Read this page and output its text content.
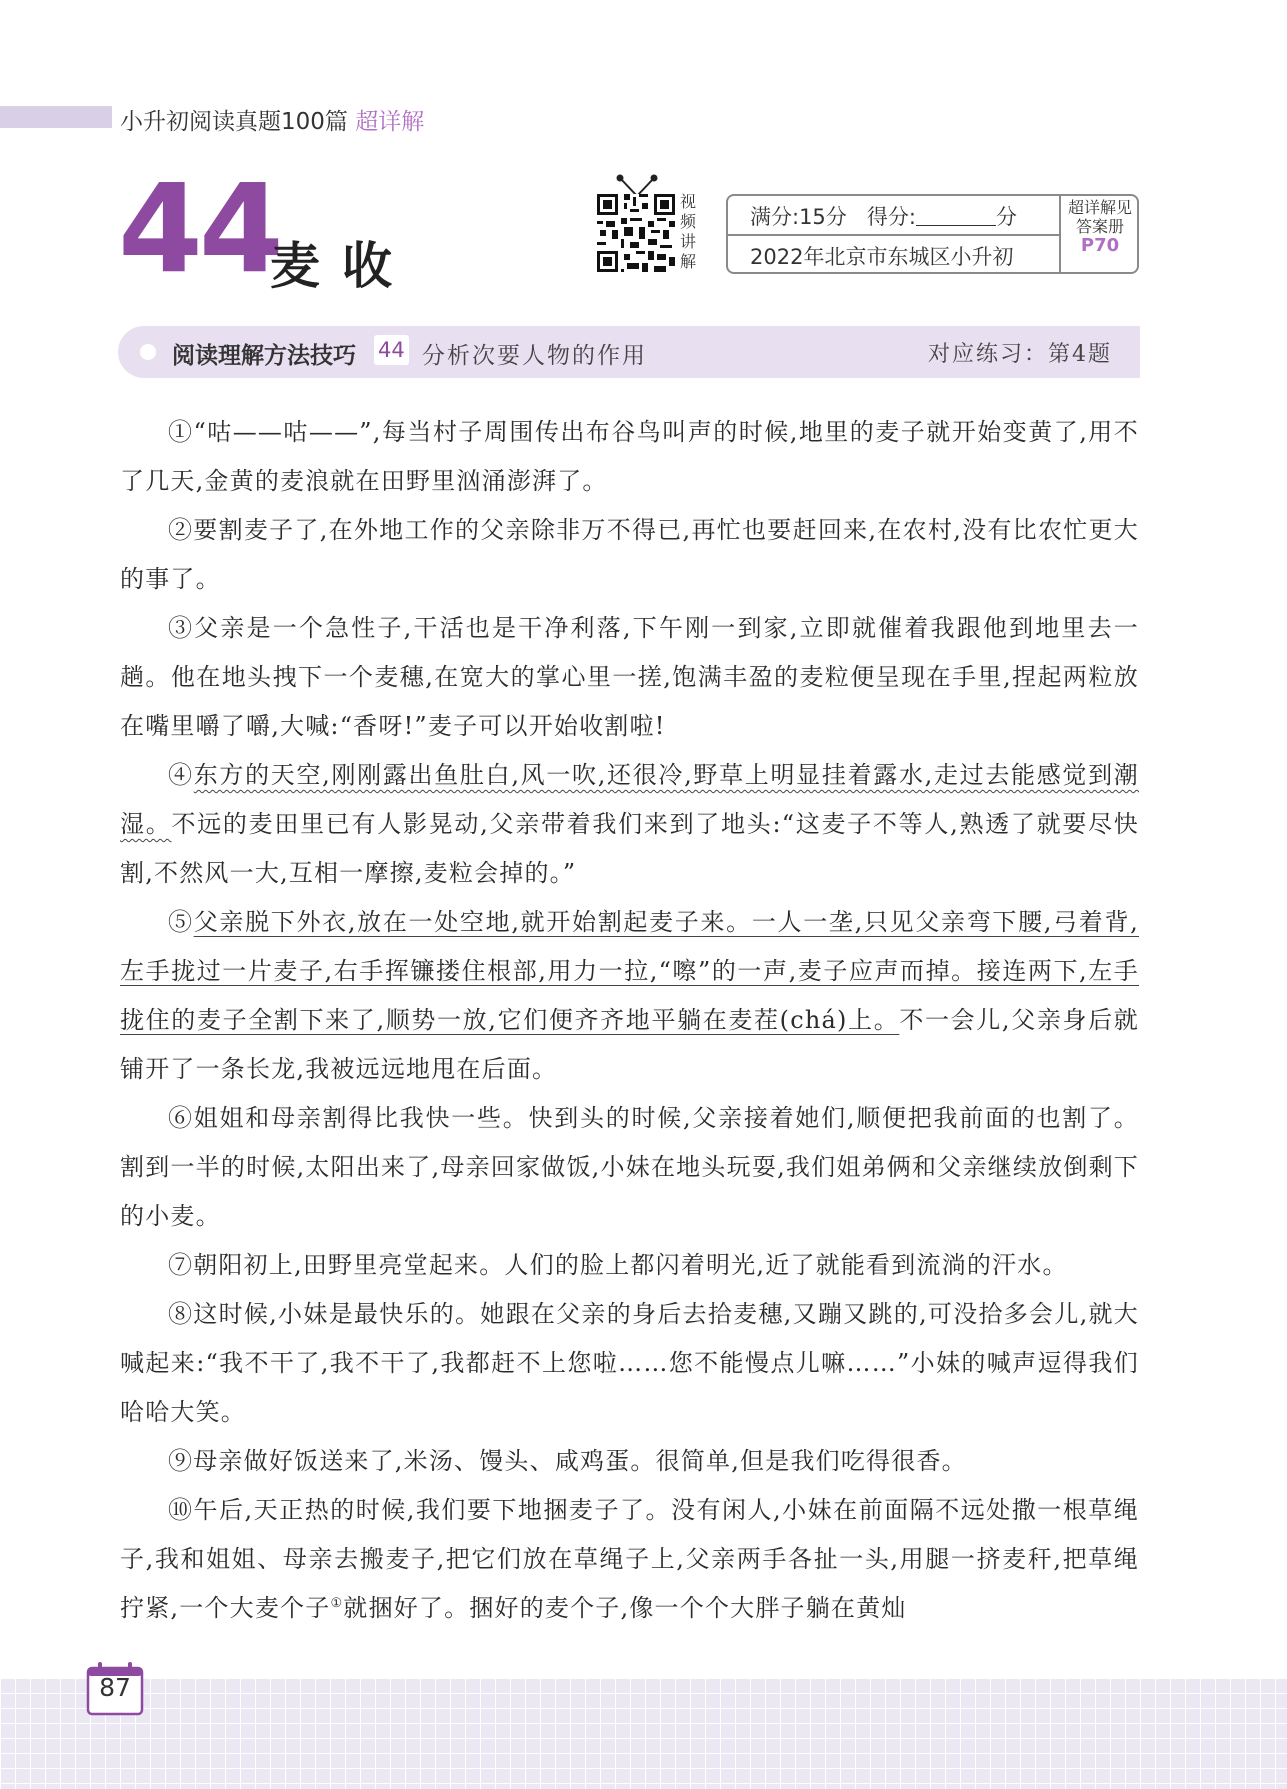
小升初阅读真题100篇 超详解
44
麦收
视
频
讲
解
满分:15分 得分:	分
2022年北京市东城区小升初
超详解见
答案册
P70
阅读理解方法技巧 44 分析次要人物的作用	对应练习：第4题

①“咕——咕——”,每当村子周围传出布谷鸟叫声的时候,地里的麦子就开始变黄了,用不了几天,金黄的麦浪就在田野里汹涌澎湃了。

②要割麦子了,在外地工作的父亲除非万不得已,再忙也要赶回来,在农村,没有比农忙更大的事了。

③父亲是一个急性子,干活也是干净利落,下午刚一到家,立即就催着我跟他到地里去一趟。他在地头拽下一个麦穗,在宽大的掌心里一搓,饱满丰盈的麦粒便呈现在手里,捏起两粒放在嘴里嚼了嚼,大喊:“香呀!”麦子可以开始收割啦!

④东方的天空,刚刚露出鱼肚白,风一吹,还很冷,野草上明显挂着露水,走过去能感觉到潮湿。不远的麦田里已有人影晃动,父亲带着我们来到了地头:“这麦子不等人,熟透了就要尽快割,不然风一大,互相一摩擦,麦粒会掉的。”

⑤父亲脱下外衣,放在一处空地,就开始割起麦子来。一人一垄,只见父亲弯下腰,弓着背,左手拢过一片麦子,右手挥镰搂住根部,用力一拉,“嚓”的一声,麦子应声而掉。接连两下,左手拢住的麦子全割下来了,顺势一放,它们便齐齐地平躺在麦茬(chá)上。不一会儿,父亲身后就铺开了一条长龙,我被远远地甩在后面。

⑥姐姐和母亲割得比我快一些。快到头的时候,父亲接着她们,顺便把我前面的也割了。割到一半的时候,太阳出来了,母亲回家做饭,小妹在地头玩耍,我们姐弟俩和父亲继续放倒剩下的小麦。

⑦朝阳初上,田野里亮堂起来。人们的脸上都闪着明光,近了就能看到流淌的汗水。

⑧这时候,小妹是最快乐的。她跟在父亲的身后去拾麦穗,又蹦又跳的,可没拾多会儿,就大喊起来:“我不干了,我不干了,我都赶不上您啦……您不能慢点儿嘛……”小妹的喊声逗得我们哈哈大笑。

⑨母亲做好饭送来了,米汤、馒头、咸鸡蛋。很简单,但是我们吃得很香。

⑩午后,天正热的时候,我们要下地捆麦子了。没有闲人,小妹在前面隔不远处撒一根草绳子,我和姐姐、母亲去搬麦子,把它们放在草绳子上,父亲两手各扯一头,用腿一挤麦秆,把草绳拧紧,一个大麦个子①就捆好了。捆好的麦个子,像一个个大胖子躺在黄灿

87
